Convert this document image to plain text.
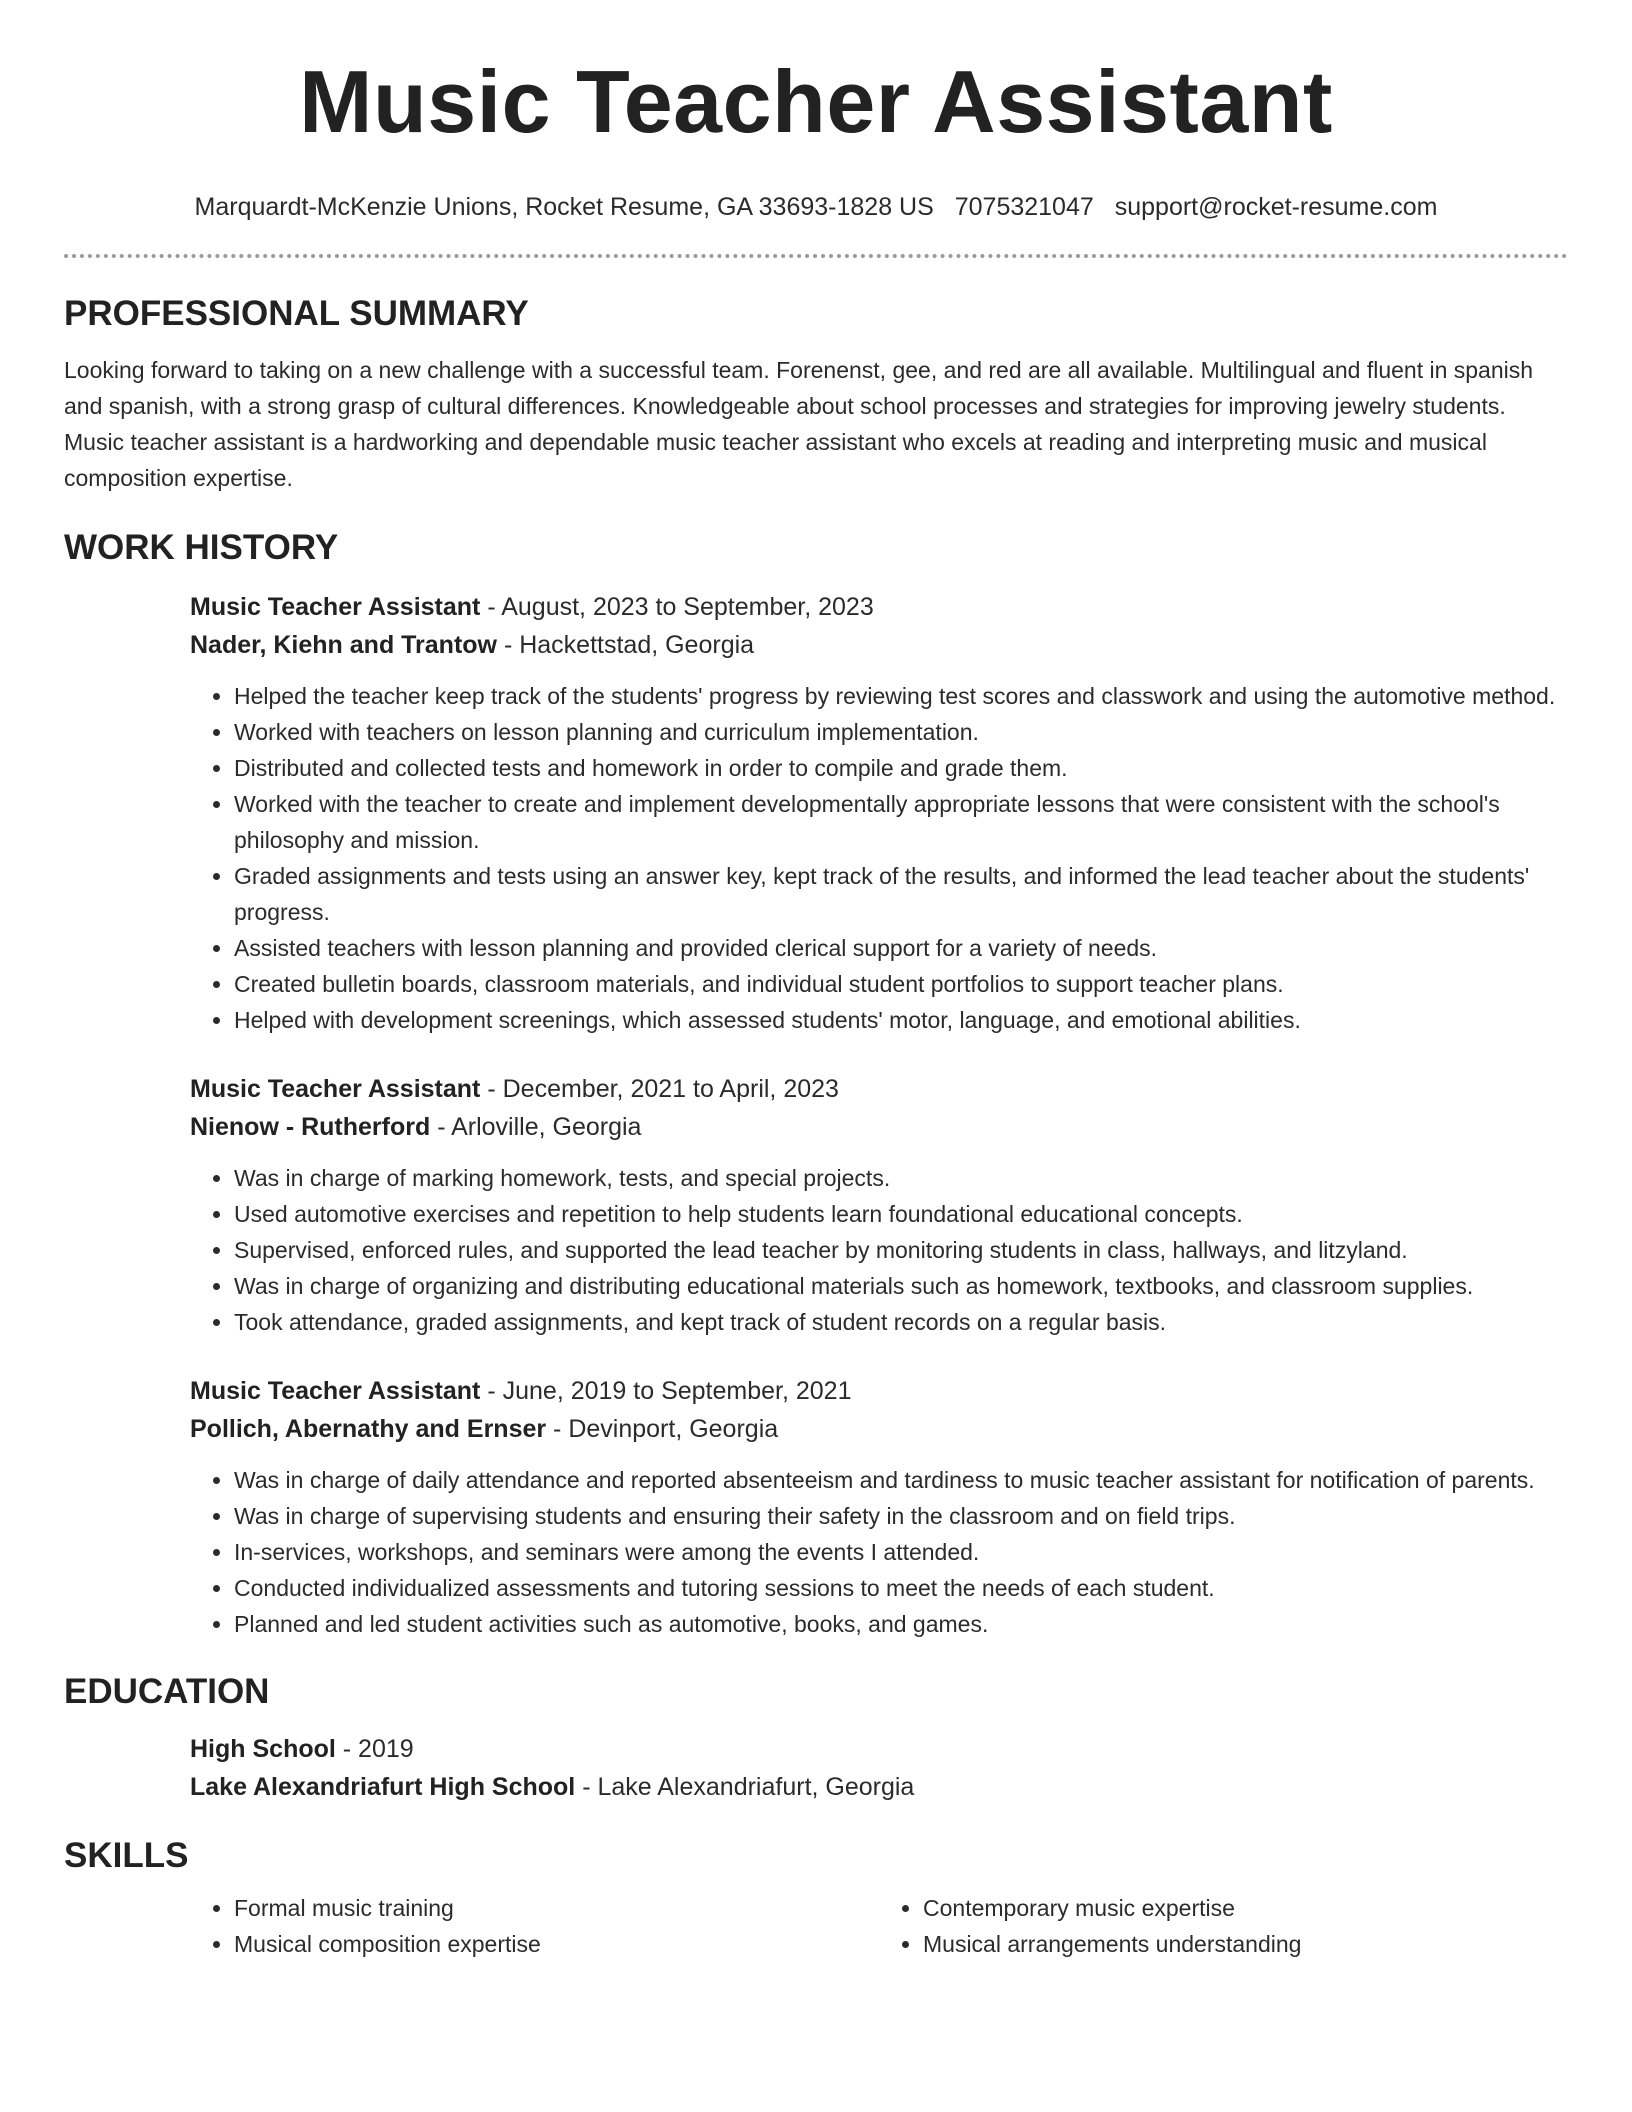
Music Teacher Assistant
Marquardt-McKenzie Unions, Rocket Resume, GA 33693-1828 US 7075321047 support@rocket-resume.com
PROFESSIONAL SUMMARY

Looking forward to taking on a new challenge with a successful team. Forenenst, gee, and red are all available. Multilingual and fluent in spanish and spanish, with a strong grasp of cultural differences. Knowledgeable about school processes and strategies for improving jewelry students. Music teacher assistant is a hardworking and dependable music teacher assistant who excels at reading and interpreting music and musical composition expertise.

WORK HISTORY
Music Teacher Assistant - August, 2023 to September, 2023
Nader, Kiehn and Trantow - Hackettstad, Georgia
• Helped the teacher keep track of the students' progress by reviewing test scores and classwork and using the automotive method.
• Worked with teachers on lesson planning and curriculum implementation.
• Distributed and collected tests and homework in order to compile and grade them.
• Worked with the teacher to create and implement developmentally appropriate lessons that were consistent with the school's philosophy and mission.
• Graded assignments and tests using an answer key, kept track of the results, and informed the lead teacher about the students' progress.
• Assisted teachers with lesson planning and provided clerical support for a variety of needs.
• Created bulletin boards, classroom materials, and individual student portfolios to support teacher plans.
• Helped with development screenings, which assessed students' motor, language, and emotional abilities.
Music Teacher Assistant - December, 2021 to April, 2023
Nienow - Rutherford - Arloville, Georgia
• Was in charge of marking homework, tests, and special projects.
• Used automotive exercises and repetition to help students learn foundational educational concepts.
• Supervised, enforced rules, and supported the lead teacher by monitoring students in class, hallways, and litzyland.
• Was in charge of organizing and distributing educational materials such as homework, textbooks, and classroom supplies.
• Took attendance, graded assignments, and kept track of student records on a regular basis.
Music Teacher Assistant - June, 2019 to September, 2021
Pollich, Abernathy and Ernser - Devinport, Georgia
• Was in charge of daily attendance and reported absenteeism and tardiness to music teacher assistant for notification of parents.
• Was in charge of supervising students and ensuring their safety in the classroom and on field trips.
• In-services, workshops, and seminars were among the events I attended.
• Conducted individualized assessments and tutoring sessions to meet the needs of each student.
• Planned and led student activities such as automotive, books, and games.
EDUCATION
High School - 2019
Lake Alexandriafurt High School - Lake Alexandriafurt, Georgia
SKILLS
• Formal music training
• Musical composition expertise
• Contemporary music expertise
• Musical arrangements understanding
